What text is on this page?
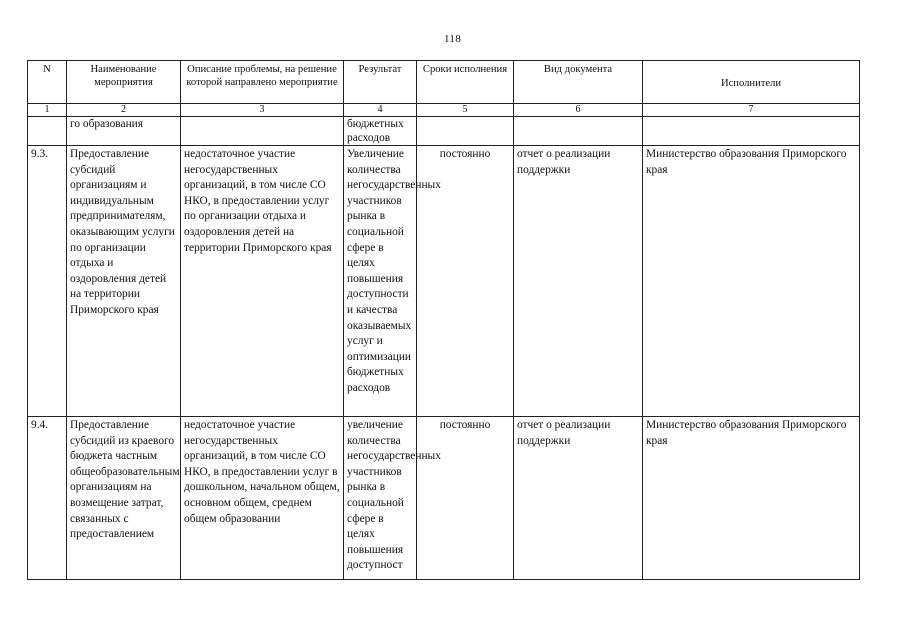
118
N	Наименование мероприятия	Описание проблемы, на решение которой направлено мероприятие	Результат	Сроки исполнения	Вид документа	Исполнители
1	2	3	4	5	6	7
	го образования		бюджетных расходов			
9.3.	Предоставление субсидий организациям и индивидуальным предпринимателям, оказывающим услуги по организации отдыха и оздоровления детей на территории Приморского края	недостаточное участие негосударственных организаций, в том числе СО НКО, в предоставлении услуг по организации отдыха и оздоровления детей на территории Приморского края	Увеличение количества негосударственных участников рынка в социальной сфере в целях повышения доступности и качества оказываемых услуг и оптимизации бюджетных расходов	постоянно	отчет о реализации поддержки	Министерство образования Приморского края
9.4.	Предоставление субсидий из краевого бюджета частным общеобразовательным организациям на возмещение затрат, связанных с предоставлением	недостаточное участие негосударственных организаций, в том числе СО НКО, в предоставлении услуг в дошкольном, начальном общем, основном общем, среднем общем образовании	увеличение количества негосударственных участников рынка в социальной сфере в целях повышения доступност	постоянно	отчет о реализации поддержки	Министерство образования Приморского края
